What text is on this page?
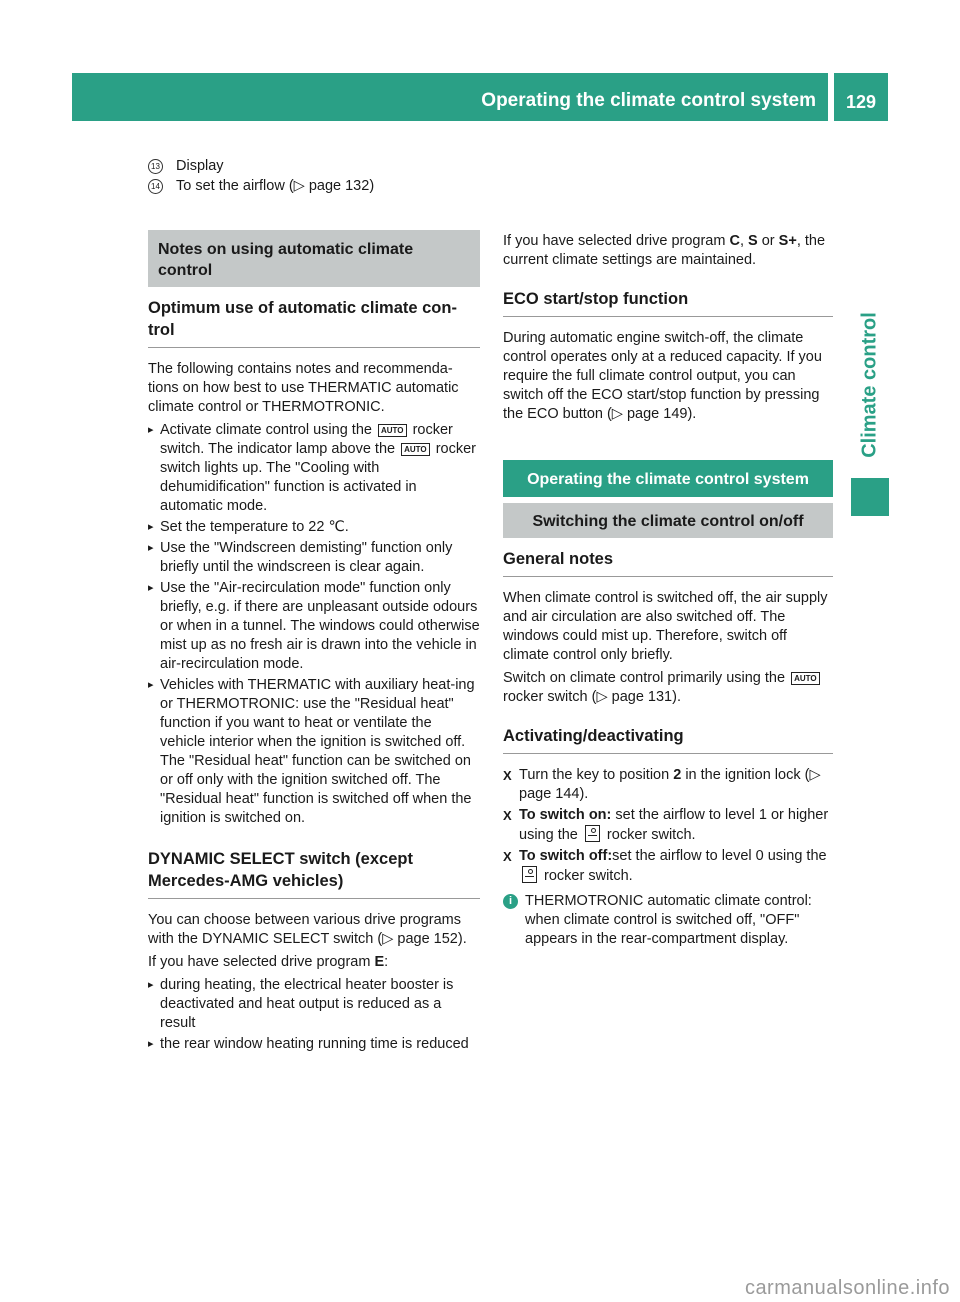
Operating the climate control system	129
Climate control
13 Display
14 To set the airflow (▷ page 132)
Notes on using automatic climate control
Optimum use of automatic climate con-trol

The following contains notes and recommenda-tions on how best to use THERMATIC automatic climate control or THERMOTRONIC.

▸ Activate climate control using the AUTO rocker switch. The indicator lamp above the AUTO rocker switch lights up. The "Cooling with dehumidification" function is activated in automatic mode.
▸ Set the temperature to 22 ℃.
▸ Use the "Windscreen demisting" function only briefly until the windscreen is clear again.
▸ Use the "Air-recirculation mode" function only briefly, e.g. if there are unpleasant outside odours or when in a tunnel. The windows could otherwise mist up as no fresh air is drawn into the vehicle in air-recirculation mode.
▸ Vehicles with THERMATIC with auxiliary heat-ing or THERMOTRONIC: use the "Residual heat" function if you want to heat or ventilate the vehicle interior when the ignition is switched off. The "Residual heat" function can be switched on or off only with the ignition switched off. The "Residual heat" function is switched off when the ignition is switched on.
DYNAMIC SELECT switch (except Mercedes-AMG vehicles)

You can choose between various drive programs with the DYNAMIC SELECT switch (▷ page 152).

If you have selected drive program E:

▸ during heating, the electrical heater booster is deactivated and heat output is reduced as a result
▸ the rear window heating running time is reduced

If you have selected drive program C, S or S+, the current climate settings are maintained.

ECO start/stop function

During automatic engine switch-off, the climate control operates only at a reduced capacity. If you require the full climate control output, you can switch off the ECO start/stop function by pressing the ECO button (▷ page 149).

Operating the climate control system
Switching the climate control on/off
General notes

When climate control is switched off, the air supply and air circulation are also switched off. The windows could mist up. Therefore, switch off climate control only briefly.

Switch on climate control primarily using the AUTO rocker switch (▷ page 131).

Activating/deactivating
X Turn the key to position 2 in the ignition lock (▷ page 144).
X To switch on: set the airflow to level 1 or higher using the rocker switch.
X To switch off:set the airflow to level 0 using the  rocker switch.
i THERMOTRONIC automatic climate control: when climate control is switched off, "OFF" appears in the rear-compartment display.
carmanualsonline.info
